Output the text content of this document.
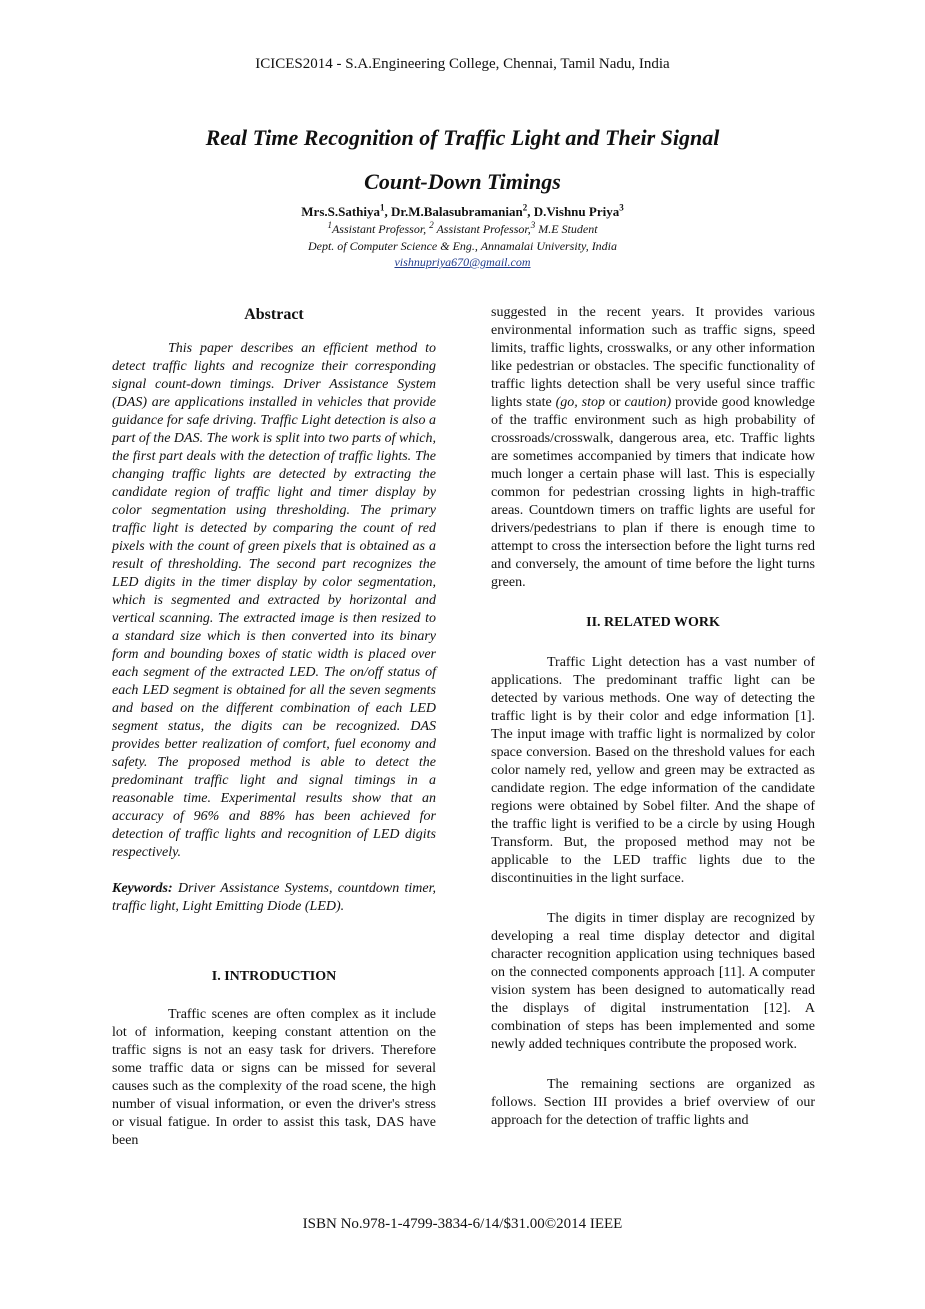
ICICES2014 - S.A.Engineering College, Chennai, Tamil Nadu, India
Real Time Recognition of Traffic Light and Their Signal
Count-Down Timings
Mrs.S.Sathiya$^1$, Dr.M.Balasubramanian$^2$, D.Vishnu Priya$^3$
$^1$Assistant Professor, $^2$ Assistant Professor,$^3$ M.E Student
Dept. of Computer Science & Eng., Annamalai University, India
vishnupriya670@gmail.com

Abstract

This paper describes an efficient method to detect traffic lights and recognize their corresponding signal count-down timings. Driver Assistance System (DAS) are applications installed in vehicles that provide guidance for safe driving. Traffic Light detection is also a part of the DAS. The work is split into two parts of which, the first part deals with the detection of traffic lights. The changing traffic lights are detected by extracting the candidate region of traffic light and timer display by color segmentation using thresholding. The primary traffic light is detected by comparing the count of red pixels with the count of green pixels that is obtained as a result of thresholding. The second part recognizes the LED digits in the timer display by color segmentation, which is segmented and extracted by horizontal and vertical scanning. The extracted image is then resized to a standard size which is then converted into its binary form and bounding boxes of static width is placed over each segment of the extracted LED. The on/off status of each LED segment is obtained for all the seven segments and based on the different combination of each LED segment status, the digits can be recognized. DAS provides better realization of comfort, fuel economy and safety. The proposed method is able to detect the predominant traffic light and signal timings in a reasonable time. Experimental results show that an accuracy of 96% and 88% has been achieved for detection of traffic lights and recognition of LED digits respectively.

Keywords: Driver Assistance Systems, countdown timer, traffic light, Light Emitting Diode (LED).

I. INTRODUCTION

Traffic scenes are often complex as it include lot of information, keeping constant attention on the traffic signs is not an easy task for drivers. Therefore some traffic data or signs can be missed for several causes such as the complexity of the road scene, the high number of visual information, or even the driver's stress or visual fatigue. In order to assist this task, DAS have been

suggested in the recent years. It provides various environmental information such as traffic signs, speed limits, traffic lights, crosswalks, or any other information like pedestrian or obstacles. The specific functionality of traffic lights detection shall be very useful since traffic lights state (go, stop or caution) provide good knowledge of the traffic environment such as high probability of crossroads/crosswalk, dangerous area, etc. Traffic lights are sometimes accompanied by timers that indicate how much longer a certain phase will last. This is especially common for pedestrian crossing lights in high-traffic areas. Countdown timers on traffic lights are useful for drivers/pedestrians to plan if there is enough time to attempt to cross the intersection before the light turns red and conversely, the amount of time before the light turns green.

II. RELATED WORK

Traffic Light detection has a vast number of applications. The predominant traffic light can be detected by various methods. One way of detecting the traffic light is by their color and edge information [1]. The input image with traffic light is normalized by color space conversion. Based on the threshold values for each color namely red, yellow and green may be extracted as candidate region. The edge information of the candidate regions were obtained by Sobel filter. And the shape of the traffic light is verified to be a circle by using Hough Transform. But, the proposed method may not be applicable to the LED traffic lights due to the discontinuities in the light surface.

The digits in timer display are recognized by developing a real time display detector and digital character recognition application using techniques based on the connected components approach [11]. A computer vision system has been designed to automatically read the displays of digital instrumentation [12]. A combination of steps has been implemented and some newly added techniques contribute the proposed work.

The remaining sections are organized as follows. Section III provides a brief overview of our approach for the detection of traffic lights and

ISBN No.978-1-4799-3834-6/14/$31.00©2014 IEEE
